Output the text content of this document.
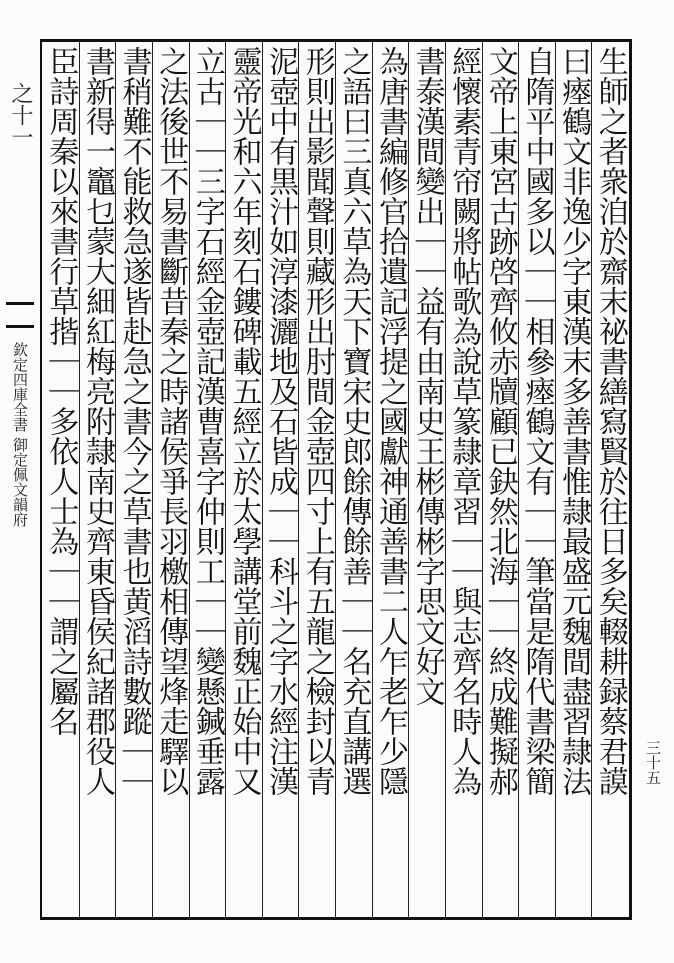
之十一
欽定四庫全書 御定佩文韻府	生師之者衆洎於齋末祕書繕寫賢於往日多矣輟耕録蔡君謨
曰瘞鶴文非逸少字東漢末多善書惟隷最盛元魏間盡習隷法
自隋平中國多以｜｜相參瘞鶴文有｜｜筆當是隋代書梁簡
文帝上東宮古跡啓齊攸赤牘顧已鈌然北海｜｜終成難擬郝
經懷素青帘闕將帖歌為說草篆隷章習｜｜與志齊名時人為
書泰漢間變出｜｜益有由南史王彬傳彬字思文好文
為唐書編修官拾遺記浮提之國獻神通善書二人乍老乍少隱
之語曰三真六草為天下寶宋史郎餘傳餘善｜｜名充直講選
形則出影聞聲則藏形出肘間金壺四寸上有五龍之檢封以青
泥壺中有黒汁如淳漆灑地及石皆成｜｜科斗之字水經注漢
靈帝光和六年刻石鏤碑載五經立於太學講堂前魏正始中又
立古｜｜三字石經金壺記漢曹喜字仲則工｜｜變懸鍼垂露
之法後世不易書斷昔秦之時諸侯爭長羽檄相傳望烽走驛以
書稍難不能救急遂皆赴急之書今之草書也黄滔詩數蹤｜｜
書新得一竈乜蒙大細紅梅亮附隷南史齊東昏侯紀諸郡役人
臣詩周秦以來書行草揩｜｜多依人士為｜｜謂之屬名
三十五
